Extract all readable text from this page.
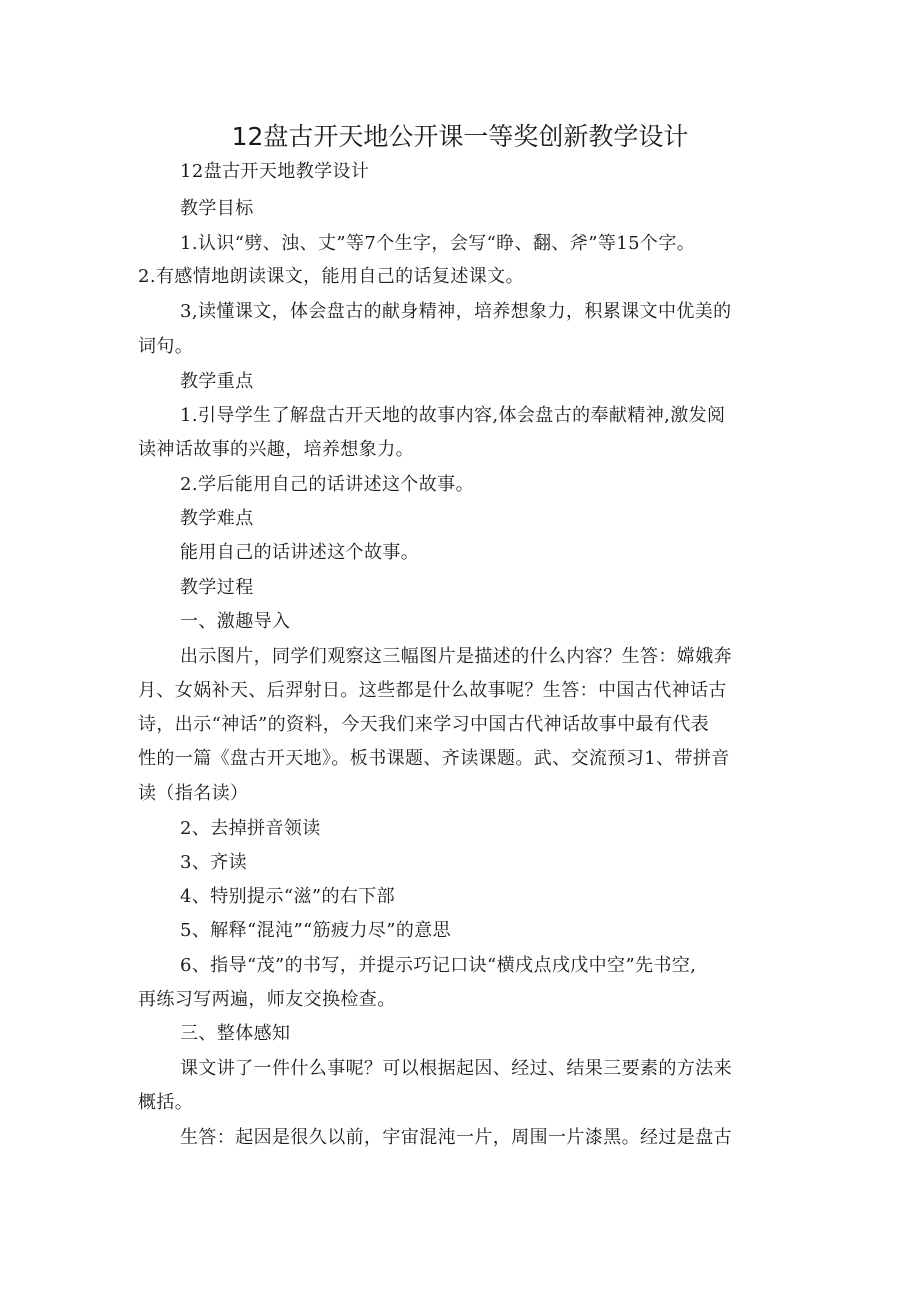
12盘古开天地公开课一等奖创新教学设计
12盘古开天地教学设计
教学目标
1.认识“劈、浊、丈”等7个生字，会写“睁、翻、斧”等15个字。
2.有感情地朗读课文，能用自己的话复述课文。
3,读懂课文，体会盘古的献身精神，培养想象力，积累课文中优美的
词句。
教学重点
1.引导学生了解盘古开天地的故事内容,体会盘古的奉献精神,激发阅
读神话故事的兴趣，培养想象力。
2.学后能用自己的话讲述这个故事。
教学难点
能用自己的话讲述这个故事。
教学过程
一、激趣导入
出示图片，同学们观察这三幅图片是描述的什么内容？生答：嫦娥奔
月、女娲补天、后羿射日。这些都是什么故事呢？生答：中国古代神话古
诗，出示“神话”的资料，今天我们来学习中国古代神话故事中最有代表
性的一篇《盘古开天地》。板书课题、齐读课题。武、交流预习1、带拼音
读（指名读）
2、去掉拼音领读
3、齐读
4、特别提示“滋”的右下部
5、解释“混沌”“筋疲力尽”的意思
6、指导“茂”的书写，并提示巧记口诀“横戌点戌戊中空”先书空,
再练习写两遍，师友交换检查。
三、整体感知
课文讲了一件什么事呢？可以根据起因、经过、结果三要素的方法来
概括。
生答：起因是很久以前，宇宙混沌一片，周围一片漆黑。经过是盘古
